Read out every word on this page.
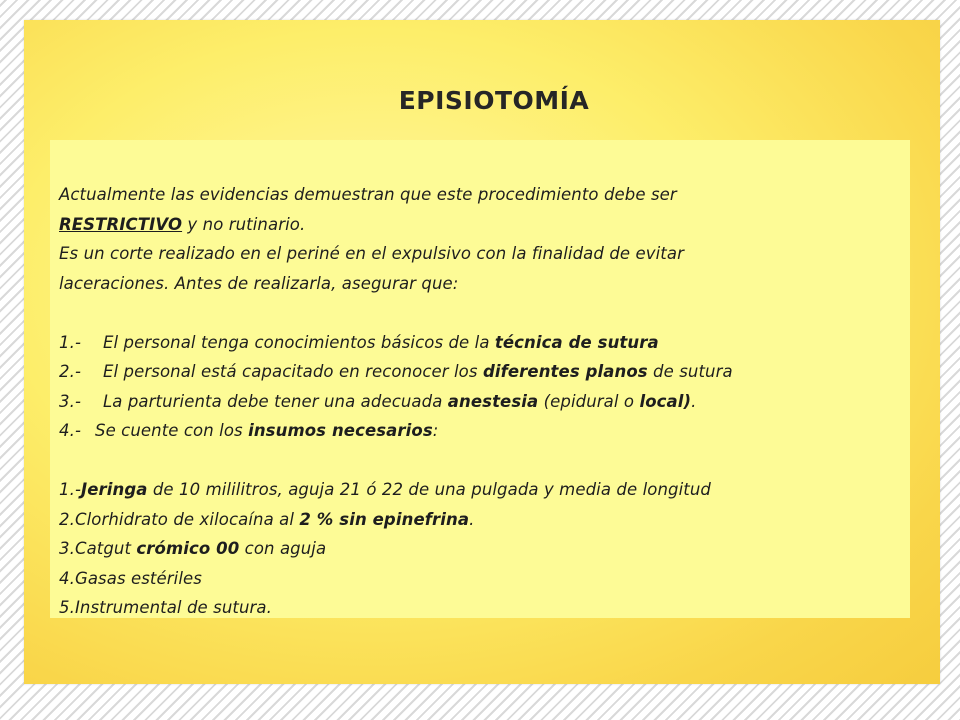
EPISIOTOMÍA
Actualmente las evidencias demuestran que este procedimiento debe ser
RESTRICTIVO y no rutinario.
Es un corte realizado en el periné en el expulsivo con la finalidad de evitar
laceraciones. Antes de realizarla, asegurar que:
1.- El personal tenga conocimientos básicos de la técnica de sutura
2.- El personal está capacitado en reconocer los diferentes planos de sutura
3.- La parturienta debe tener una adecuada anestesia (epidural o local).
4.- Se cuente con los insumos necesarios:
1.-Jeringa de 10 mililitros, aguja 21 ó 22 de una pulgada y media de longitud
2.Clorhidrato de xilocaína al 2 % sin epinefrina.
3.Catgut crómico 00 con aguja
4.Gasas estériles
5.Instrumental de sutura.
